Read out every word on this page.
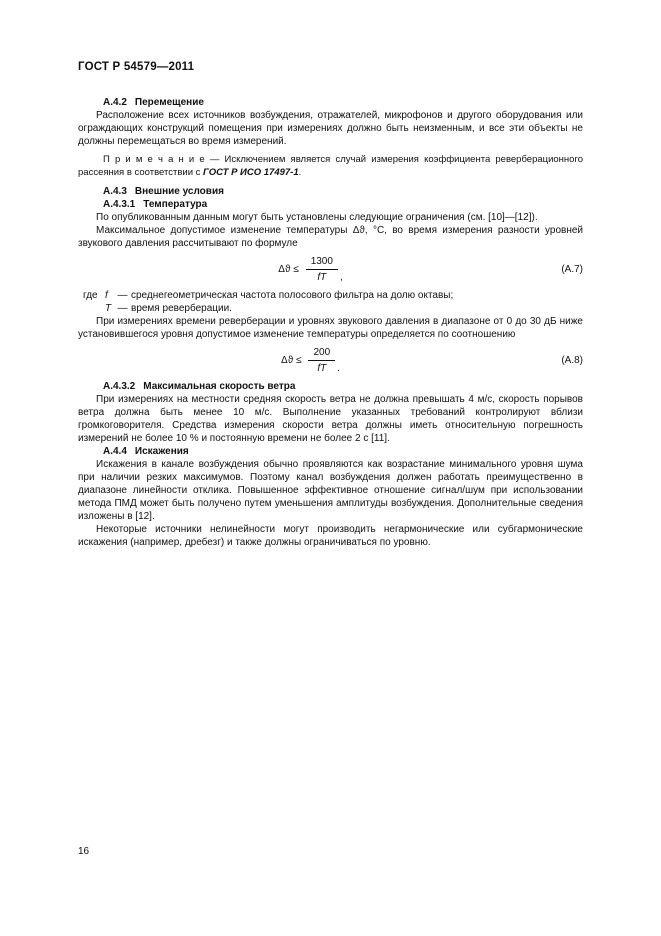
ГОСТ Р 54579—2011

А.4.2 Перемещение

Расположение всех источников возбуждения, отражателей, микрофонов и другого оборудования или ограждающих конструкций помещения при измерениях должно быть неизменным, и все эти объекты не должны перемещаться во время измерений.

П р и м е ч а н и е — Исключением является случай измерения коэффициента реверберационного рассеяния в соответствии с ГОСТ Р ИСО 17497-1.

А.4.3 Внешние условия

А.4.3.1 Температура

По опубликованным данным могут быть установлены следующие ограничения (см. [10]—[12]).

Максимальное допустимое изменение температуры Δϑ, °С, во время измерения разности уровней звукового давления рассчитывают по формуле

$\Delta ϑ \le \frac{1300}{fT}$ ,
(А.7)
где f — среднегеометрическая частота полосового фильтра на долю октавы;
T — время реверберации.

При измерениях времени реверберации и уровнях звукового давления в диапазоне от 0 до 30 дБ ниже установившегося уровня допустимое изменение температуры определяется по соотношению

$\Delta ϑ \le \frac{200}{fT}$ .
(А.8)

А.4.3.2 Максимальная скорость ветра

При измерениях на местности средняя скорость ветра не должна превышать 4 м/с, скорость порывов ветра должна быть менее 10 м/с. Выполнение указанных требований контролируют вблизи громкоговорителя. Средства измерения скорости ветра должны иметь относительную погрешность измерений не более 10 % и постоянную времени не более 2 с [11].

А.4.4 Искажения

Искажения в канале возбуждения обычно проявляются как возрастание минимального уровня шума при наличии резких максимумов. Поэтому канал возбуждения должен работать преимущественно в диапазоне линейности отклика. Повышенное эффективное отношение сигнал/шум при использовании метода ПМД может быть получено путем уменьшения амплитуды возбуждения. Дополнительные сведения изложены в [12].

Некоторые источники нелинейности могут производить негармонические или субгармонические искажения (например, дребезг) и также должны ограничиваться по уровню.

16
